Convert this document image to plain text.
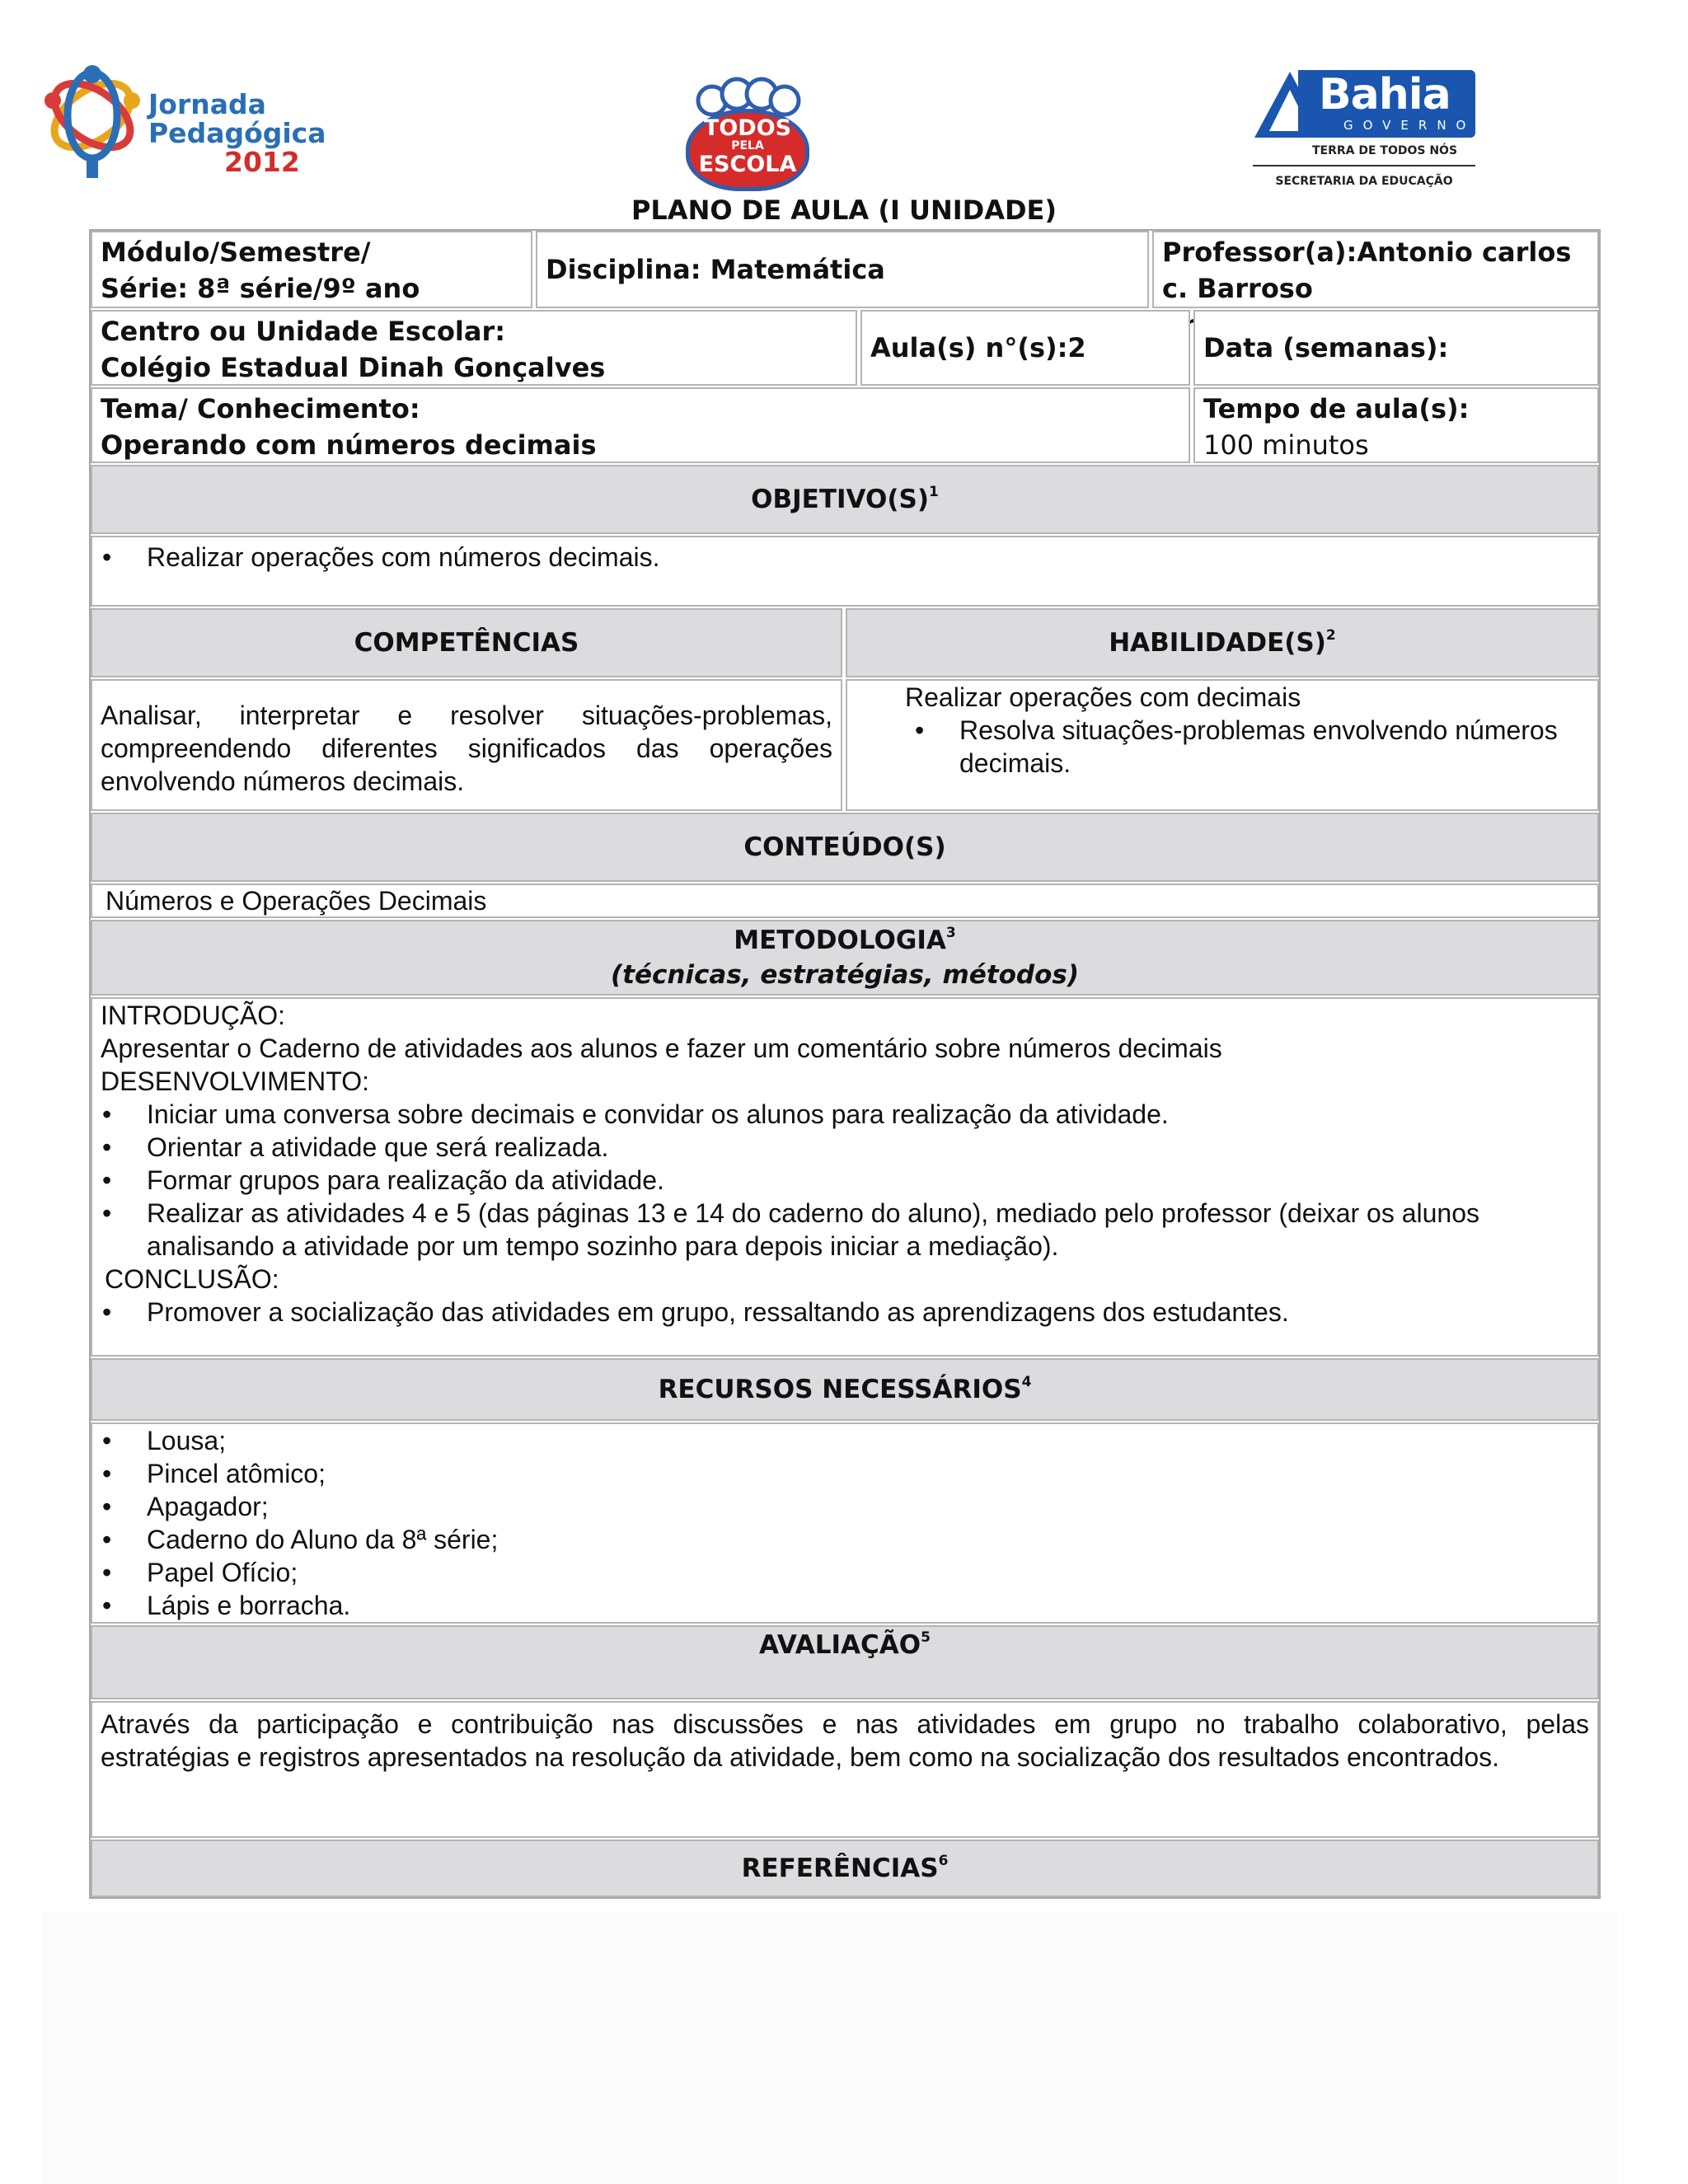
Jornada
Pedagógica
2012
TODOS
PELA
ESCOLA
Bahia
GOVERNO
TERRA DE TODOS NÓS
SECRETARIA DA EDUCAÇÃO
PLANO DE AULA (I UNIDADE)
Módulo/Semestre/
Série: 8ª série/9º ano
Disciplina: Matemática
Professor(a):Antonio carlos c. Barroso
Centro ou Unidade Escolar:
Colégio Estadual Dinah Gonçalves
Aula(s) n°(s):2	Data (semanas):
Tema/ Conhecimento:
Operando com números decimais
Tempo de aula(s):
100 minutos
$OBJETIVO(S)^1$
• Realizar operações com números decimais.
COMPETÊNCIAS	$HABILIDADE(S)^2$
Analisar, interpretar e resolver situações-problemas, compreendendo diferentes significados das operações envolvendo números decimais.
Realizar operações com decimais
• Resolva situações-problemas envolvendo números decimais.
CONTEÚDO(S)
Números e Operações Decimais
METODOLOGIA$^3$
(técnicas, estratégias, métodos)
INTRODUÇÃO:
Apresentar o Caderno de atividades aos alunos e fazer um comentário sobre números decimais
DESENVOLVIMENTO:
• Iniciar uma conversa sobre decimais e convidar os alunos para realização da atividade.
• Orientar a atividade que será realizada.
• Formar grupos para realização da atividade.
• Realizar as atividades 4 e 5 (das páginas 13 e 14 do caderno do aluno), mediado pelo professor (deixar os alunos analisando a atividade por um tempo sozinho para depois iniciar a mediação).
CONCLUSÃO:
• Promover a socialização das atividades em grupo, ressaltando as aprendizagens dos estudantes.
RECURSOS NECESSÁRIOS$^4$
• Lousa;
• Pincel atômico;
• Apagador;
• Caderno do Aluno da 8ª série;
• Papel Ofício;
• Lápis e borracha.
AVALIAÇÃO$^5$
Através da participação e contribuição nas discussões e nas atividades em grupo no trabalho colaborativo, pelas
estratégias e registros apresentados na resolução da atividade, bem como na socialização dos resultados encontrados.
REFERÊNCIAS$^6$
